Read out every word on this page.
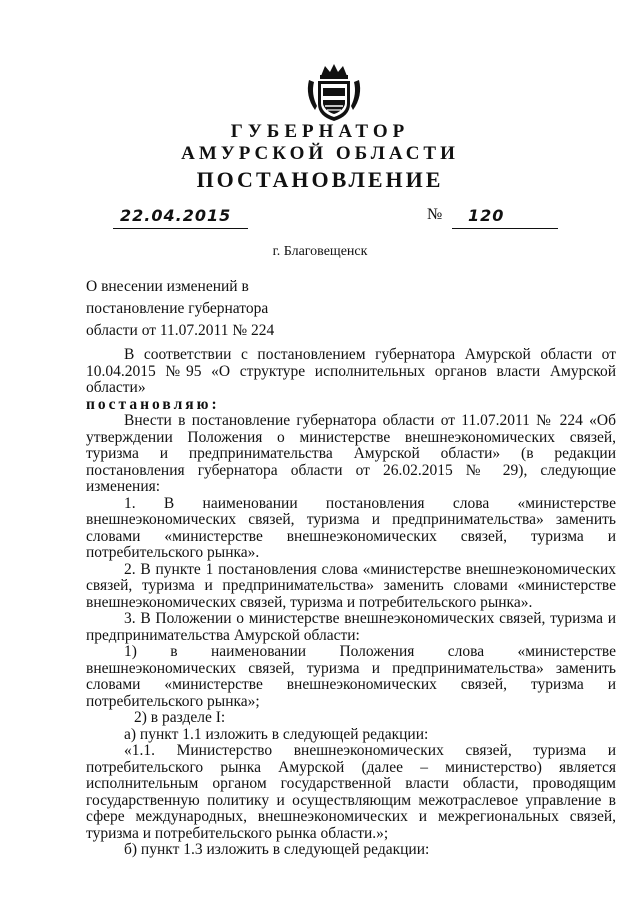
ГУБЕРНАТОР
АМУРСКОЙ ОБЛАСТИ
ПОСТАНОВЛЕНИЕ
22.04.2015	№ 120
г. Благовещенск
О внесении изменений в
постановление губернатора
области от 11.07.2011 № 224

В соответствии с постановлением губернатора Амурской области от 10.04.2015 №95 «О структуре исполнительных органов власти Амурской области»

постановляю:

Внести в постановление губернатора области от 11.07.2011 № 224 «Об утверждении Положения о министерстве внешнеэкономических связей, туризма и предпринимательства Амурской области» (в редакции постановления губернатора области от 26.02.2015 № 29), следующие изменения:

1. В наименовании постановления слова «министерстве внешнеэкономических связей, туризма и предпринимательства» заменить словами «министерстве внешнеэкономических связей, туризма и потребительского рынка».

2. В пункте 1 постановления слова «министерстве внешнеэкономических связей, туризма и предпринимательства» заменить словами «министерстве внешнеэкономических связей, туризма и потребительского рынка».

3. В Положении о министерстве внешнеэкономических связей, туризма и предпринимательства Амурской области:

1) в наименовании Положения слова «министерстве внешнеэкономических связей, туризма и предпринимательства» заменить словами «министерстве внешнеэкономических связей, туризма и потребительского рынка»;

2) в разделе I:

а) пункт 1.1 изложить в следующей редакции:

«1.1. Министерство внешнеэкономических связей, туризма и потребительского рынка Амурской (далее – министерство) является исполнительным органом государственной власти области, проводящим государственную политику и осуществляющим межотраслевое управление в сфере международных, внешнеэкономических и межрегиональных связей, туризма и потребительского рынка области.»;

б) пункт 1.3 изложить в следующей редакции:
